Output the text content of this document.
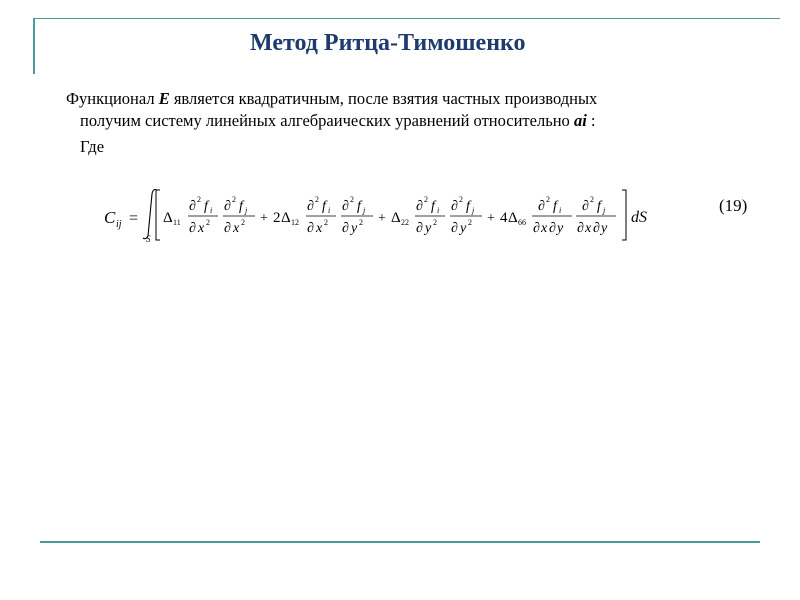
Метод Ритца-Тимошенко
Функционал E является квадратичным, после взятия частных производных
получим систему линейных алгебраических уравнений относительно ai :
Где
C ij =
S
Δ 11
∂ 2 f i
∂ x 2
∂ 2 f j
∂ x 2 + 2 Δ 12
∂ 2 f i
∂ x 2
∂ 2 f j
∂ y 2 + Δ 22
∂ 2 f i
∂ y 2
∂ 2 f j
∂ y 2 + 4 Δ 66
∂ 2 f i
∂ x ∂ y
∂ 2 f j
∂ x ∂ y
dS
(19)
